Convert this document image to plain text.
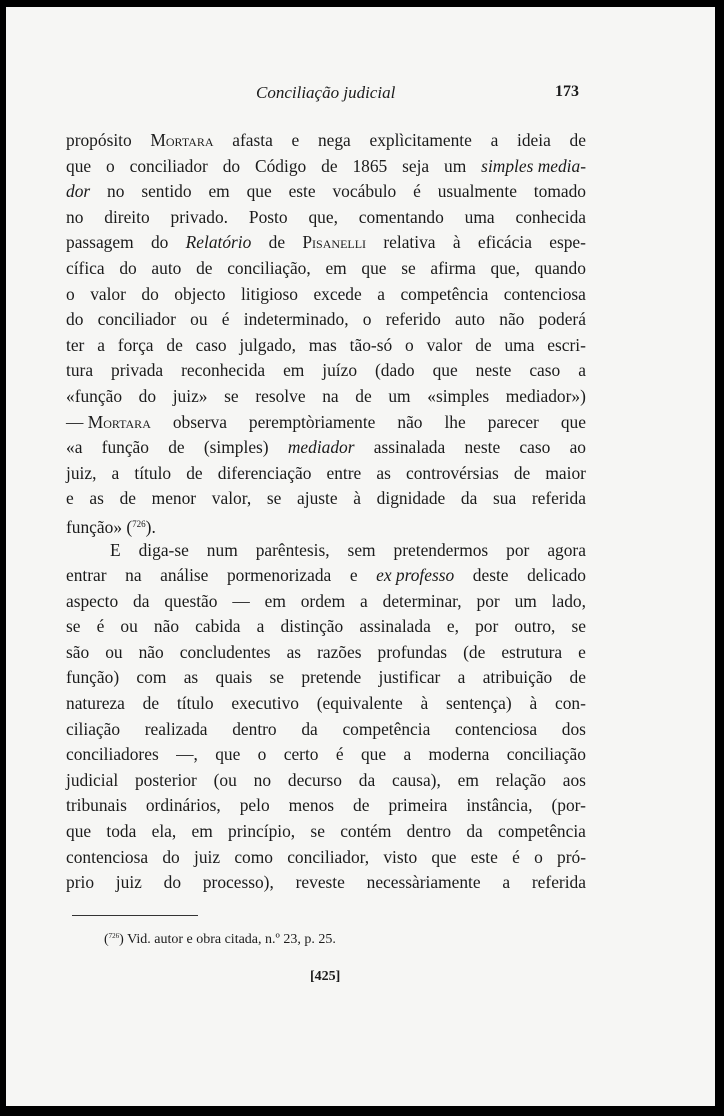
Conciliação judicial	173
propósito Mortara afasta e nega explìcitamente a ideia de
que o conciliador do Código de 1865 seja um simples media-
dor no sentido em que este vocábulo é usualmente tomado
no direito privado. Posto que, comentando uma conhecida
passagem do Relatório de Pisanelli relativa à eficácia espe-
cífica do auto de conciliação, em que se afirma que, quando
o valor do objecto litigioso excede a competência contenciosa
do conciliador ou é indeterminado, o referido auto não poderá
ter a força de caso julgado, mas tão-só o valor de uma escri-
tura privada reconhecida em juízo (dado que neste caso a
«função do juiz» se resolve na de um «simples mediador»)
— Mortara observa peremptòriamente não lhe parecer que
«a função de (simples) mediador assinalada neste caso ao
juiz, a título de diferenciação entre as controvérsias de maior
e as de menor valor, se ajuste à dignidade da sua referida
função» ($^{726}$).
E diga-se num parêntesis, sem pretendermos por agora
entrar na análise pormenorizada e ex professo deste delicado
aspecto da questão — em ordem a determinar, por um lado,
se é ou não cabida a distinção assinalada e, por outro, se
são ou não concludentes as razões profundas (de estrutura e
função) com as quais se pretende justificar a atribuição de
natureza de título executivo (equivalente à sentença) à con-
ciliação realizada dentro da competência contenciosa dos
conciliadores —, que o certo é que a moderna conciliação
judicial posterior (ou no decurso da causa), em relação aos
tribunais ordinários, pelo menos de primeira instância, (por-
que toda ela, em princípio, se contém dentro da competência
contenciosa do juiz como conciliador, visto que este é o pró-
prio juiz do processo), reveste necessàriamente a referida
($^{726}$) Vid. autor e obra citada, n.º 23, p. 25.
[425]
